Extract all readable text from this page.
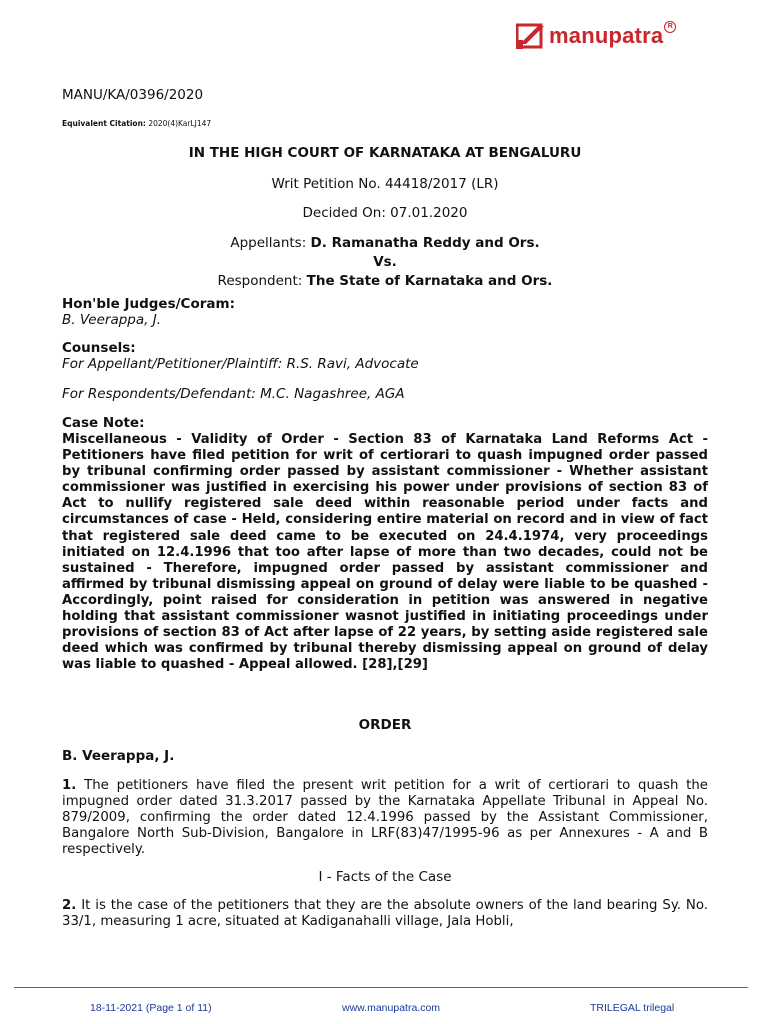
manupatra R
MANU/KA/0396/2020
Equivalent Citation: 2020(4)KarLJ147
IN THE HIGH COURT OF KARNATAKA AT BENGALURU
Writ Petition No. 44418/2017 (LR)
Decided On: 07.01.2020
Appellants: D. Ramanatha Reddy and Ors.
Vs.
Respondent: The State of Karnataka and Ors.
Hon'ble Judges/Coram:
B. Veerappa, J.
Counsels:
For Appellant/Petitioner/Plaintiff: R.S. Ravi, Advocate
For Respondents/Defendant: M.C. Nagashree, AGA
Case Note:
Miscellaneous - Validity of Order - Section 83 of Karnataka Land Reforms Act - Petitioners have filed petition for writ of certiorari to quash impugned order passed by tribunal confirming order passed by assistant commissioner - Whether assistant commissioner was justified in exercising his power under provisions of section 83 of Act to nullify registered sale deed within reasonable period under facts and circumstances of case - Held, considering entire material on record and in view of fact that registered sale deed came to be executed on 24.4.1974, very proceedings initiated on 12.4.1996 that too after lapse of more than two decades, could not be sustained - Therefore, impugned order passed by assistant commissioner and affirmed by tribunal dismissing appeal on ground of delay were liable to be quashed - Accordingly, point raised for consideration in petition was answered in negative holding that assistant commissioner wasnot justified in initiating proceedings under provisions of section 83 of Act after lapse of 22 years, by setting aside registered sale deed which was confirmed by tribunal thereby dismissing appeal on ground of delay was liable to quashed - Appeal allowed. [28],[29]
ORDER
B. Veerappa, J.
1. The petitioners have filed the present writ petition for a writ of certiorari to quash the impugned order dated 31.3.2017 passed by the Karnataka Appellate Tribunal in Appeal No. 879/2009, confirming the order dated 12.4.1996 passed by the Assistant Commissioner, Bangalore North Sub-Division, Bangalore in LRF(83)47/1995-96 as per Annexures - A and B respectively.
I - Facts of the Case
2. It is the case of the petitioners that they are the absolute owners of the land bearing Sy. No. 33/1, measuring 1 acre, situated at Kadiganahalli village, Jala Hobli,
18-11-2021 (Page 1 of 11)	www.manupatra.com	TRILEGAL trilegal
